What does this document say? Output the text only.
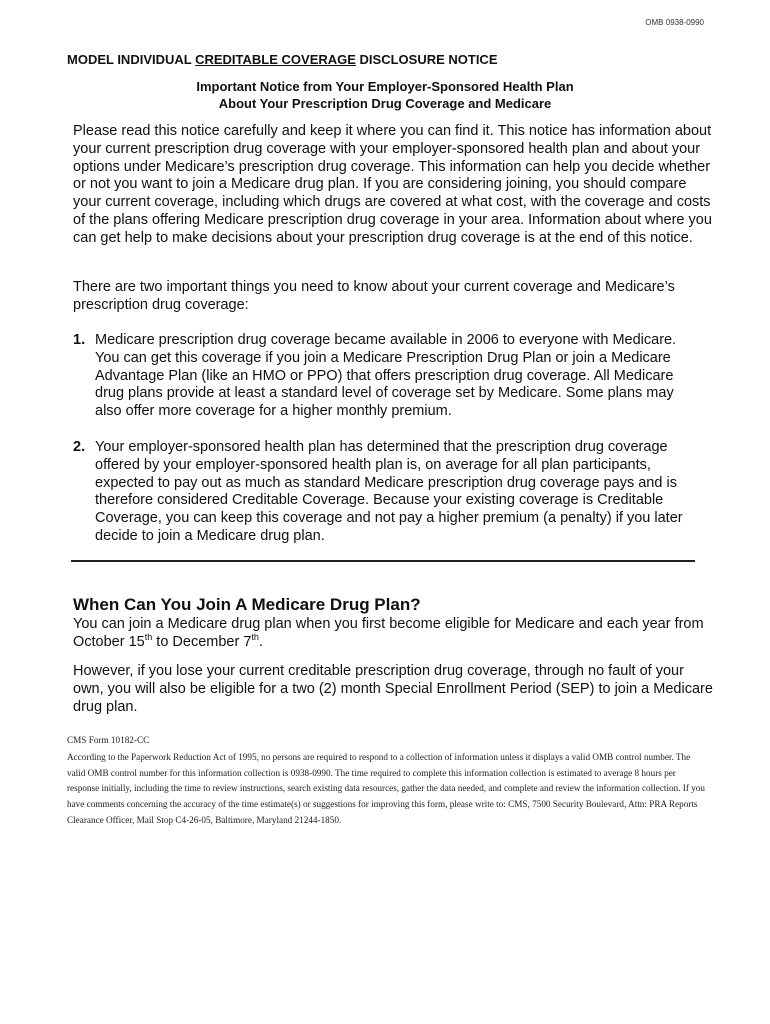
OMB 0938-0990
MODEL INDIVIDUAL CREDITABLE COVERAGE DISCLOSURE NOTICE
Important Notice from Your Employer-Sponsored Health Plan
About Your Prescription Drug Coverage and Medicare

Please read this notice carefully and keep it where you can find it. This notice has information about your current prescription drug coverage with your employer-sponsored health plan and about your options under Medicare’s prescription drug coverage. This information can help you decide whether or not you want to join a Medicare drug plan. If you are considering joining, you should compare your current coverage, including which drugs are covered at what cost, with the coverage and costs of the plans offering Medicare prescription drug coverage in your area. Information about where you can get help to make decisions about your prescription drug coverage is at the end of this notice.

There are two important things you need to know about your current coverage and Medicare’s prescription drug coverage:

1. Medicare prescription drug coverage became available in 2006 to everyone with Medicare. You can get this coverage if you join a Medicare Prescription Drug Plan or join a Medicare Advantage Plan (like an HMO or PPO) that offers prescription drug coverage. All Medicare drug plans provide at least a standard level of coverage set by Medicare. Some plans may also offer more coverage for a higher monthly premium.
2. Your employer-sponsored health plan has determined that the prescription drug coverage offered by your employer-sponsored health plan is, on average for all plan participants, expected to pay out as much as standard Medicare prescription drug coverage pays and is therefore considered Creditable Coverage. Because your existing coverage is Creditable Coverage, you can keep this coverage and not pay a higher premium (a penalty) if you later decide to join a Medicare drug plan.
When Can You Join A Medicare Drug Plan?

You can join a Medicare drug plan when you first become eligible for Medicare and each year from October 15th to December 7th.

However, if you lose your current creditable prescription drug coverage, through no fault of your own, you will also be eligible for a two (2) month Special Enrollment Period (SEP) to join a Medicare drug plan.

CMS Form 10182-CC
According to the Paperwork Reduction Act of 1995, no persons are required to respond to a collection of information unless it displays a valid OMB control number. The valid OMB control number for this information collection is 0938-0990. The time required to complete this information collection is estimated to average 8 hours per response initially, including the time to review instructions, search existing data resources, gather the data needed, and complete and review the information collection. If you have comments concerning the accuracy of the time estimate(s) or suggestions for improving this form, please write to: CMS, 7500 Security Boulevard, Attn: PRA Reports Clearance Officer, Mail Stop C4-26-05, Baltimore, Maryland 21244-1850.
